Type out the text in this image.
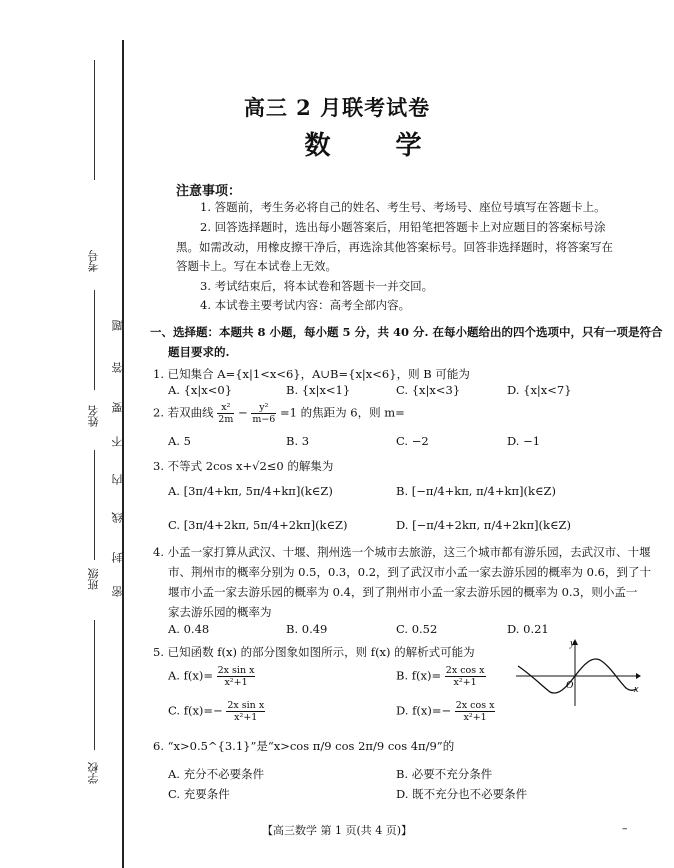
考号
姓名
班级
学校
题
答
要
不
内
线
封
密
高三 2 月联考试卷
数 学
注意事项：
1. 答题前，考生务必将自己的姓名、考生号、考场号、座位号填写在答题卡上。
2. 回答选择题时，选出每小题答案后，用铅笔把答题卡上对应题目的答案标号涂
黑。如需改动，用橡皮擦干净后，再选涂其他答案标号。回答非选择题时，将答案写在
答题卡上。写在本试卷上无效。
3. 考试结束后，将本试卷和答题卡一并交回。
4. 本试卷主要考试内容：高考全部内容。
一、选择题：本题共 8 小题，每小题 5 分，共 40 分. 在每小题给出的四个选项中，只有一项是符合
题目要求的.
1. 已知集合 A={x|1<x<6}，A∪B={x|x<6}，则 B 可能为
A. {x|x<0}	B. {x|x<1}	C. {x|x<3}	D. {x|x<7}
2. 若双曲线 $\frac{\text{x²}}{2m} - \frac{\text{y²}}{m-6} =1$ 的焦距为 6，则 m=
A. 5	B. 3	C. −2	D. −1
3. 不等式 2cos x+√2≤0 的解集为
A. [3π/4+kπ, 5π/4+kπ](k∈Z)	B. [−π/4+kπ, π/4+kπ](k∈Z)
C. [3π/4+2kπ, 5π/4+2kπ](k∈Z)	D. [−π/4+2kπ, π/4+2kπ](k∈Z)
4. 小孟一家打算从武汉、十堰、荆州选一个城市去旅游，这三个城市都有游乐园，去武汉市、十堰
市、荆州市的概率分别为 0.5，0.3，0.2，到了武汉市小孟一家去游乐园的概率为 0.6，到了十
堰市小孟一家去游乐园的概率为 0.4，到了荆州市小孟一家去游乐园的概率为 0.3，则小孟一
家去游乐园的概率为
A. 0.48	B. 0.49	C. 0.52	D. 0.21
5. 已知函数 f(x) 的部分图象如图所示，则 f(x) 的解析式可能为
A. $f(x)= \frac{\text{2x sin x}}{\text{x²+1}}$	B. $f(x)= \frac{\text{2x cos x}}{\text{x²+1}}$
C. $f(x)=- \frac{\text{2x sin x}}{\text{x²+1}}$	D. $f(x)=- \frac{\text{2x cos x}}{\text{x²+1}}$
y
x
O
6. “x>0.5^{3.1}”是“x>cos π/9 cos 2π/9 cos 4π/9”的
A. 充分不必要条件	B. 必要不充分条件
C. 充要条件	D. 既不充分也不必要条件
【高三数学 第 1 页(共 4 页)】	–
